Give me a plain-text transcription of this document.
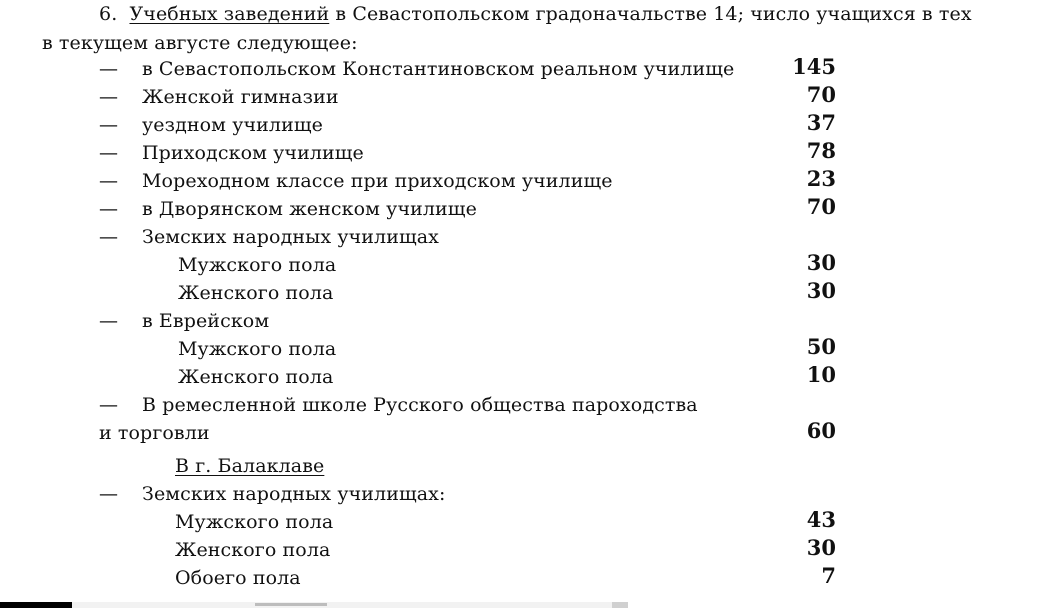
6. Учебных заведений в Севастопольском градоначальстве 14; число учащихся в тех
в текущем августе следующее:
— в Севастопольском Константиновском реальном училище	145
— Женской гимназии	70
— уездном училище	37
— Приходском училище	78
— Мореходном классе при приходском училище	23
— в Дворянском женском училище	70
— Земских народных училищах
Мужского пола	30
Женского пола	30
— в Еврейском
Мужского пола	50
Женского пола	10
— В ремесленной школе Русского общества пароходства
и торговли	60
В г. Балаклаве
— Земских народных училищах:
Мужского пола	43
Женского пола	30
Обоего пола	7
